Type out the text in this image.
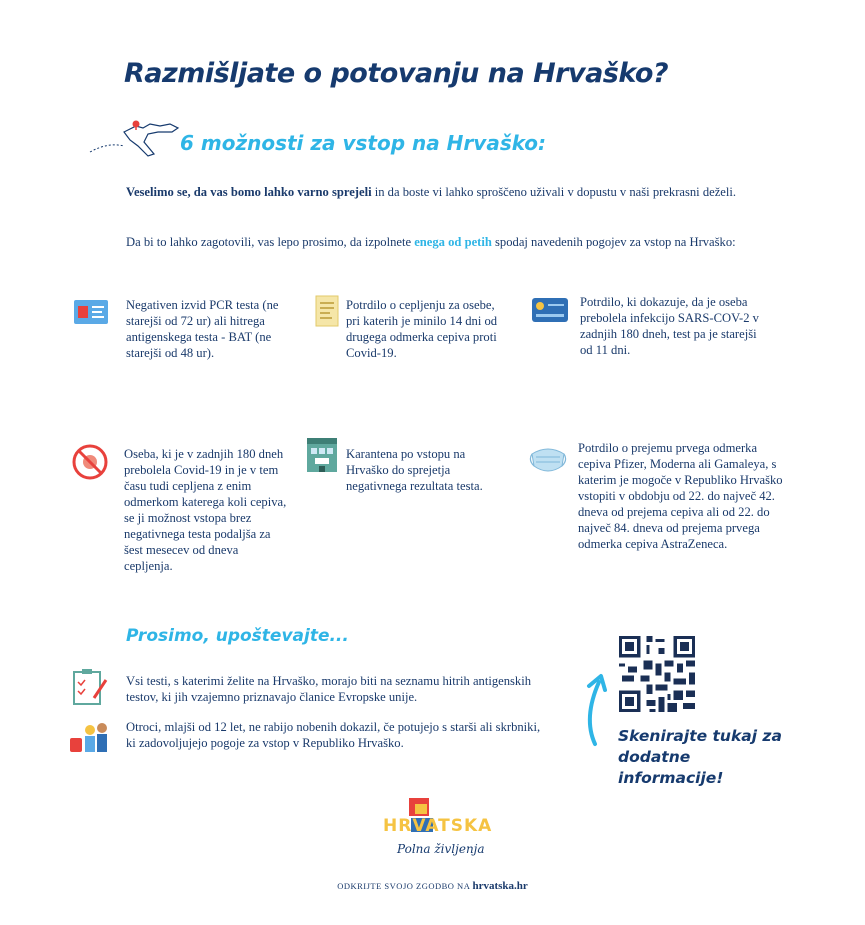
Razmišljate o potovanju na Hrvaško?
6 možnosti za vstop na Hrvaško:
Veselimo se, da vas bomo lahko varno sprejeli in da boste vi lahko sproščeno uživali v dopustu v naši prekrasni deželi.
Da bi to lahko zagotovili, vas lepo prosimo, da izpolnete enega od petih spodaj navedenih pogojev za vstop na Hrvaško:
Negativen izvid PCR testa (ne starejši od 72 ur) ali hitrega antigenskega testa - BAT (ne starejši od 48 ur).
Potrdilo o cepljenju za osebe, pri katerih je minilo 14 dni od drugega odmerka cepiva proti Covid-19.
Potrdilo, ki dokazuje, da je oseba prebolela infekcijo SARS-COV-2 v zadnjih 180 dneh, test pa je starejši od 11 dni.
Oseba, ki je v zadnjih 180 dneh prebolela Covid-19 in je v tem času tudi cepljena z enim odmerkom katerega koli cepiva, se ji možnost vstopa brez negativnega testa podaljša za šest mesecev od dneva cepljenja.
Karantena po vstopu na Hrvaško do sprejetja negativnega rezultata testa.
Potrdilo o prejemu prvega odmerka cepiva Pfizer, Moderna ali Gamaleya, s katerim je mogoče v Republiko Hrvaško vstopiti v obdobju od 22. do največ 42. dneva od prejema cepiva ali od 22. do največ 84. dneva od prejema prvega odmerka cepiva AstraZeneca.
Prosimo, upoštevajte...
Vsi testi, s katerimi želite na Hrvaško, morajo biti na seznamu hitrih antigenskih testov, ki jih vzajemno priznavajo članice Evropske unije.
Otroci, mlajši od 12 let, ne rabijo nobenih dokazil, če potujejo s starši ali skrbniki, ki zadovoljujejo pogoje za vstop v Republiko Hrvaško.	Skenirajte tukaj za dodatne informacije!
HRVATSKA
Polna življenja
ODKRIJTE SVOJO ZGODBO NA hrvatska.hr
